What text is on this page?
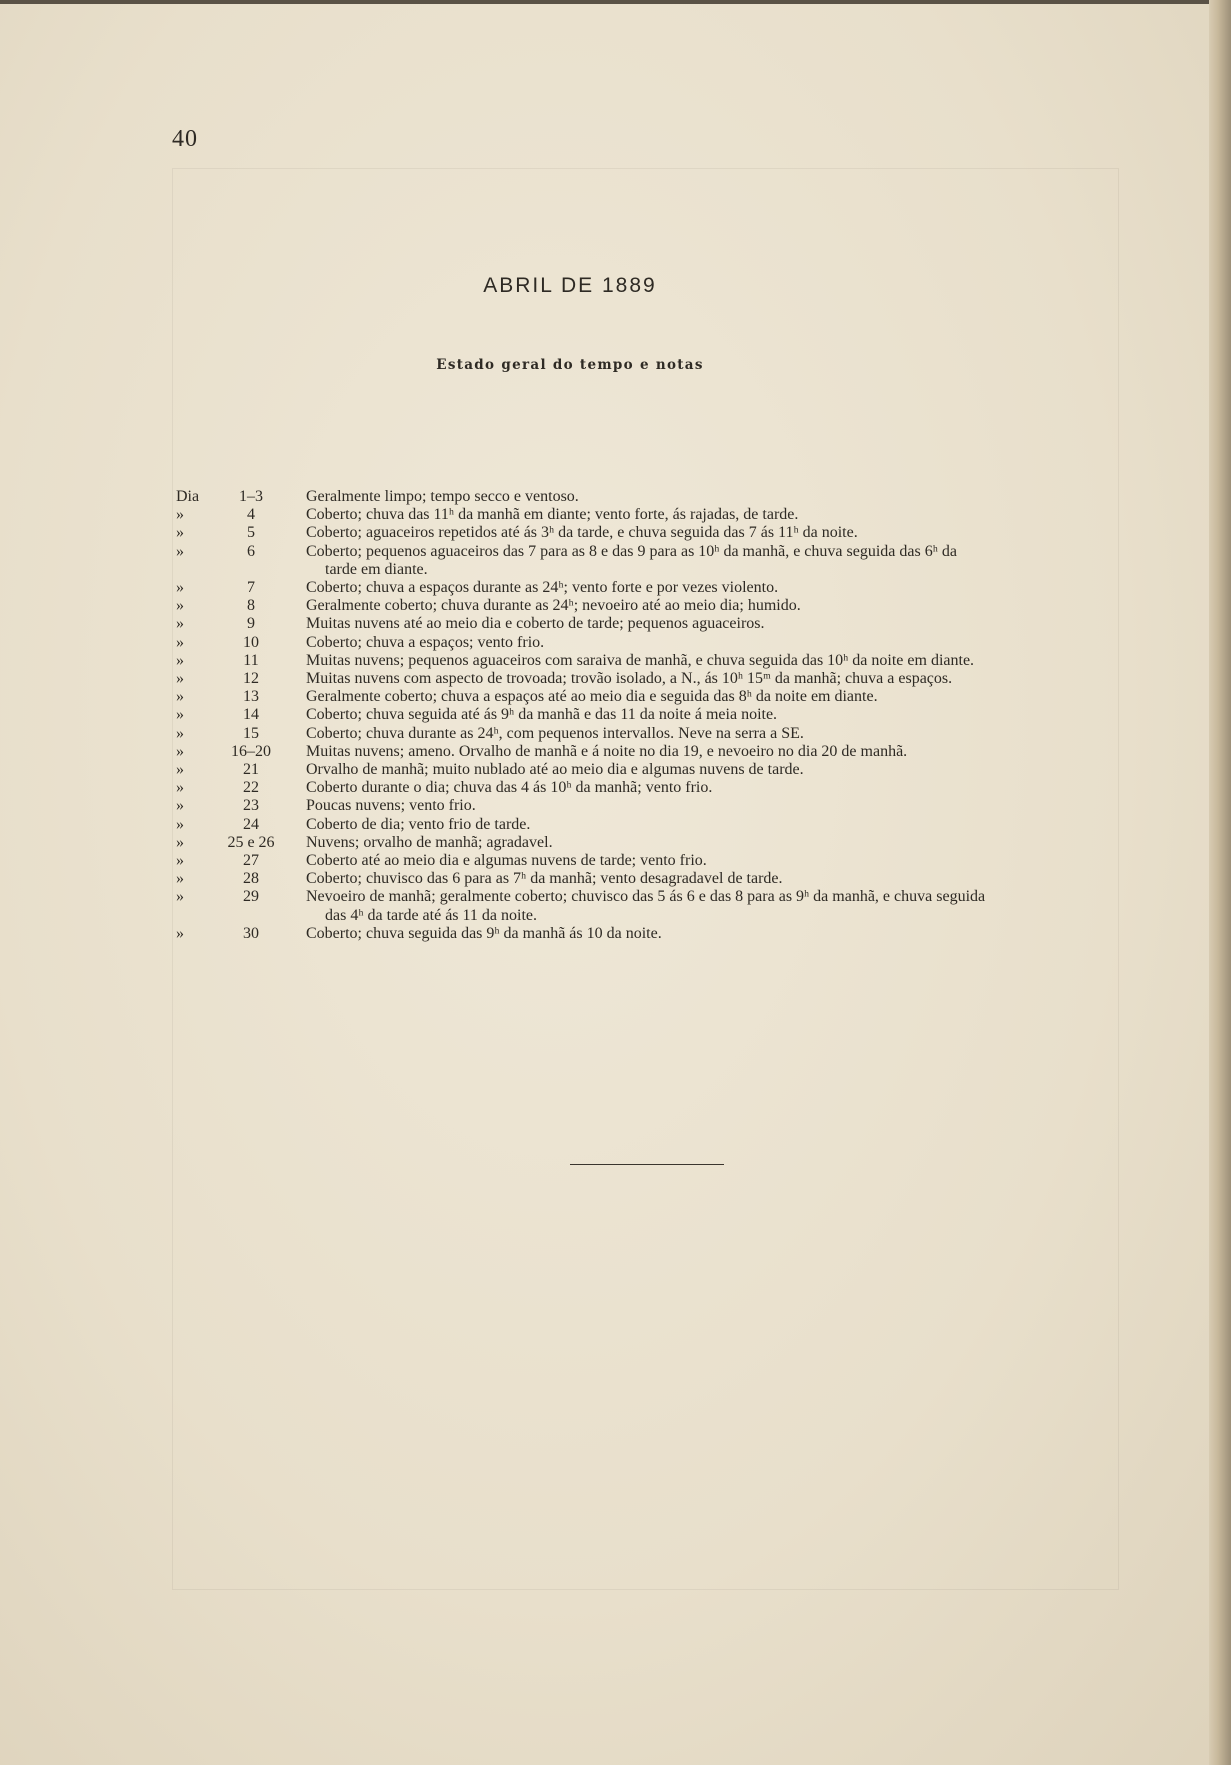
40
ABRIL DE 1889
Estado geral do tempo e notas
Dia	1–3	Geralmente limpo; tempo secco e ventoso.
»	4	Coberto; chuva das 11ʰ da manhã em diante; vento forte, ás rajadas, de tarde.
»	5	Coberto; aguaceiros repetidos até ás 3ʰ da tarde, e chuva seguida das 7 ás 11ʰ da noite.
»	6	Coberto; pequenos aguaceiros das 7 para as 8 e das 9 para as 10ʰ da manhã, e chuva seguida das 6ʰ da
tarde em diante.
»	7	Coberto; chuva a espaços durante as 24ʰ; vento forte e por vezes violento.
»	8	Geralmente coberto; chuva durante as 24ʰ; nevoeiro até ao meio dia; humido.
»	9	Muitas nuvens até ao meio dia e coberto de tarde; pequenos aguaceiros.
»	10	Coberto; chuva a espaços; vento frio.
»	11	Muitas nuvens; pequenos aguaceiros com saraiva de manhã, e chuva seguida das 10ʰ da noite em diante.
»	12	Muitas nuvens com aspecto de trovoada; trovão isolado, a N., ás 10ʰ 15ᵐ da manhã; chuva a espaços.
»	13	Geralmente coberto; chuva a espaços até ao meio dia e seguida das 8ʰ da noite em diante.
»	14	Coberto; chuva seguida até ás 9ʰ da manhã e das 11 da noite á meia noite.
»	15	Coberto; chuva durante as 24ʰ, com pequenos intervallos. Neve na serra a SE.
»	16–20	Muitas nuvens; ameno. Orvalho de manhã e á noite no dia 19, e nevoeiro no dia 20 de manhã.
»	21	Orvalho de manhã; muito nublado até ao meio dia e algumas nuvens de tarde.
»	22	Coberto durante o dia; chuva das 4 ás 10ʰ da manhã; vento frio.
»	23	Poucas nuvens; vento frio.
»	24	Coberto de dia; vento frio de tarde.
»	25 e 26	Nuvens; orvalho de manhã; agradavel.
»	27	Coberto até ao meio dia e algumas nuvens de tarde; vento frio.
»	28	Coberto; chuvisco das 6 para as 7ʰ da manhã; vento desagradavel de tarde.
»	29	Nevoeiro de manhã; geralmente coberto; chuvisco das 5 ás 6 e das 8 para as 9ʰ da manhã, e chuva seguida
das 4ʰ da tarde até ás 11 da noite.
»	30	Coberto; chuva seguida das 9ʰ da manhã ás 10 da noite.
